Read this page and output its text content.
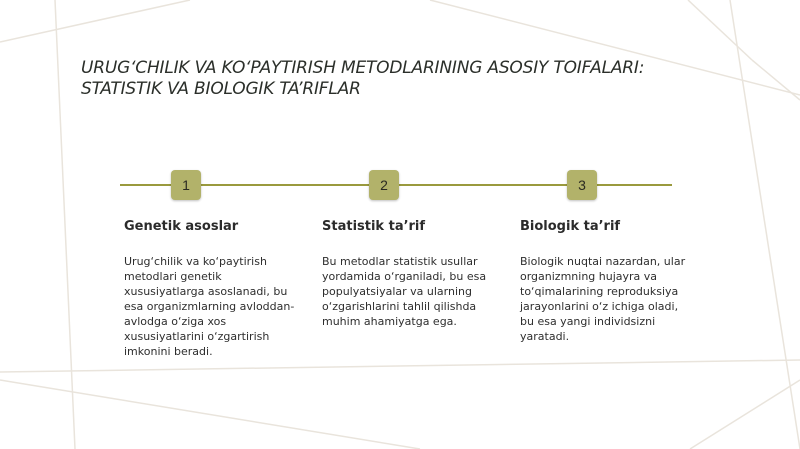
URUG‘CHILIK VA KO‘PAYTIRISH METODLARINING ASOSIY TOIFALARI:
STATISTIK VA BIOLOGIK TA’RIFLAR
1	2	3
Genetik asoslar

Urug‘chilik va ko‘paytirish metodlari genetik xususiyatlarga asoslanadi, bu esa organizmlarning avloddan-avlodga o‘ziga xos xususiyatlarini o‘zgartirish imkonini beradi.

Statistik ta’rif

Bu metodlar statistik usullar yordamida o‘rganiladi, bu esa populyatsiyalar va ularning o‘zgarishlarini tahlil qilishda muhim ahamiyatga ega.

Biologik ta’rif

Biologik nuqtai nazardan, ular organizmning hujayra va to‘qimalarining reproduksiya jarayonlarini o‘z ichiga oladi, bu esa yangi individsizni yaratadi.
